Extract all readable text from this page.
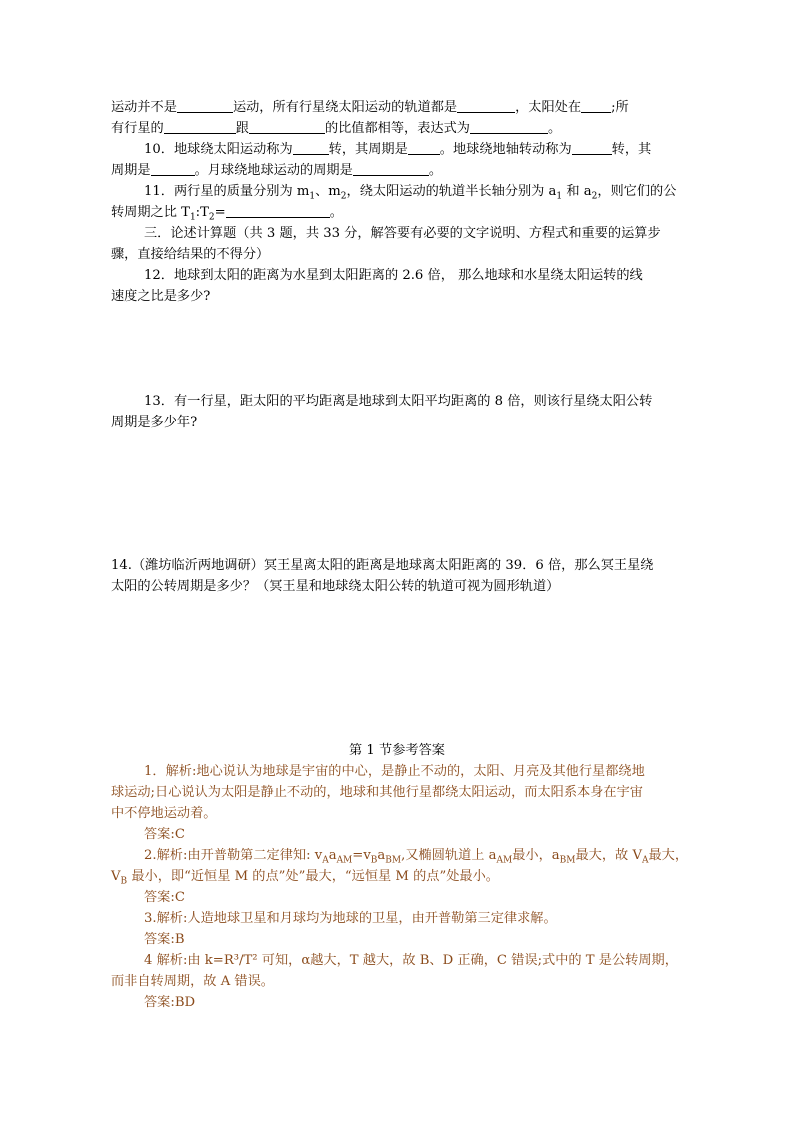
运动并不是	运动，所有行星绕太阳运动的轨道都是	，太阳处在 ;所
有行星的	跟	的比值都相等，表达式为	。
10．地球绕太阳运动称为	转，其周期是 。地球绕地轴转动称为	转，其
周期是	。月球绕地球运动的周期是	。
11．两行星的质量分别为 $m_1$、$m_2$，绕太阳运动的轨道半长轴分别为 $a_1$ 和 $a_2$，则它们的公
转周期之比 $T_1:T_2=$	。
三．论述计算题（共 3 题，共 33 分，解答要有必要的文字说明、方程式和重要的运算步
骤，直接给结果的不得分）
12．地球到太阳的距离为水星到太阳距离的 2.6 倍， 那么地球和水星绕太阳运转的线
速度之比是多少?
13．有一行星，距太阳的平均距离是地球到太阳平均距离的 8 倍，则该行星绕太阳公转
周期是多少年?
14.（潍坊临沂两地调研）冥王星离太阳的距离是地球离太阳距离的 39．6 倍，那么冥王星绕
太阳的公转周期是多少？（冥王星和地球绕太阳公转的轨道可视为圆形轨道）
第 1 节参考答案
1．解析:地心说认为地球是宇宙的中心，是静止不动的，太阳、月亮及其他行星都绕地
球运动;日心说认为太阳是静止不动的，地球和其他行星都绕太阳运动，而太阳系本身在宇宙
中不停地运动着。
答案:C
2.解析:由开普勒第二定律知: $v_Aa_{AM}=v_Ba_{BM}$,又椭圆轨道上 $a_{AM}$最小，$a_{BM}$最大，故 $V_A$最大，
$V_B$ 最小，即“近恒星 M 的点”处”最大，“远恒星 M 的点”处最小。
答案:C
3.解析:人造地球卫星和月球均为地球的卫星，由开普勒第三定律求解。
答案:B
4 解析:由 k=R³/T² 可知，α越大，T 越大，故 B、D 正确，C 错误;式中的 T 是公转周期，
而非自转周期，故 A 错误。
答案:BD
